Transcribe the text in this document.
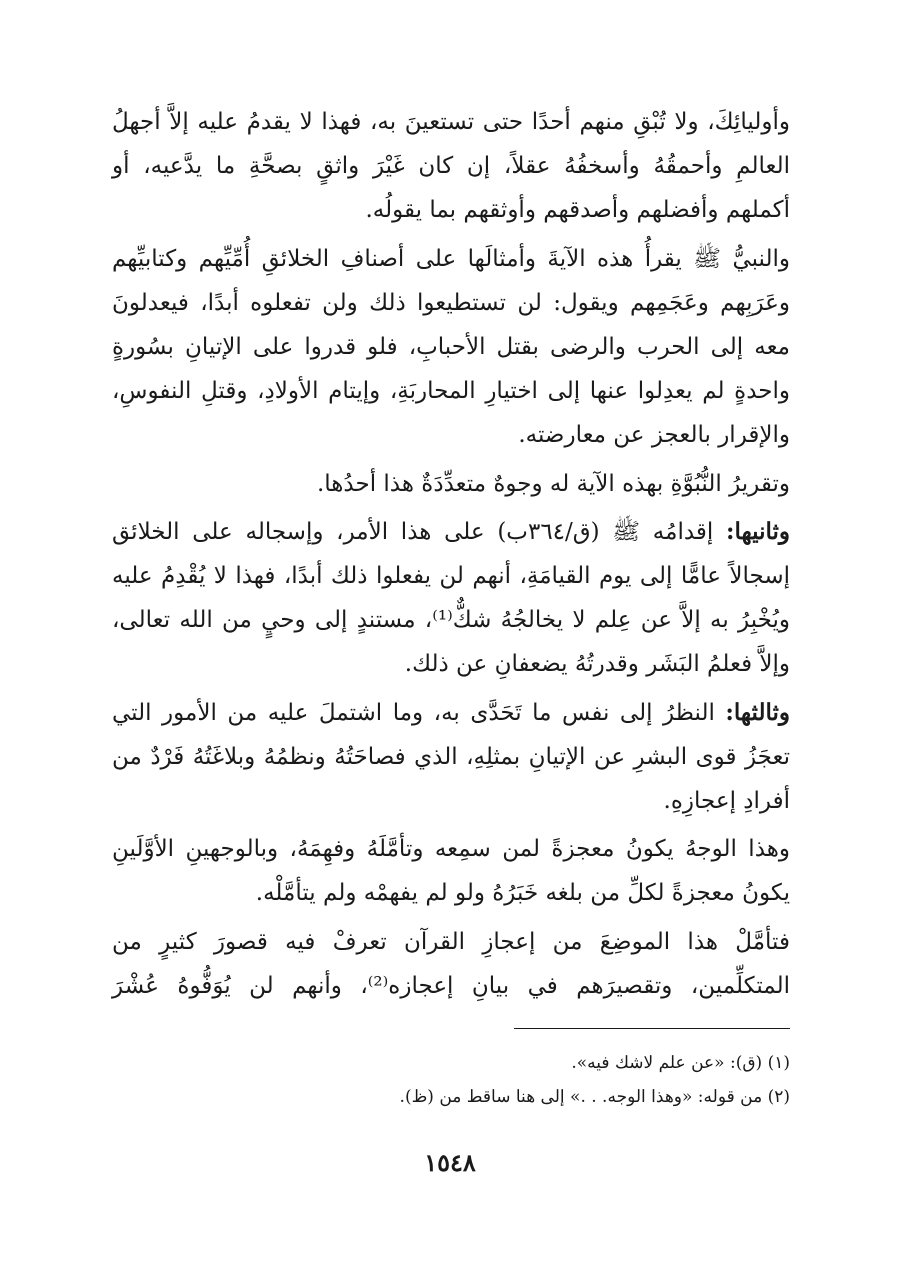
وأوليائِكَ، ولا تُبْقِ منهم أحدًا حتى تستعينَ به، فهذا لا يقدمُ عليه إلاَّ أجهلُ العالمِ وأحمقُهُ وأسخفُهُ عقلاً، إن كان غَيْرَ واثقٍ بصحَّةِ ما يدَّعيه، أو أكملهم وأفضلهم وأصدقهم وأوثقهم بما يقولُه.

والنبيُّ ﷺ يقرأُ هذه الآيةَ وأمثالَها على أصنافِ الخلائقِ أُمِّيِّهم وكتابيِّهم وعَرَبِهم وعَجَمِهم ويقول: لن تستطيعوا ذلك ولن تفعلوه أبدًا، فيعدلونَ معه إلى الحرب والرضى بقتل الأحبابِ، فلو قدروا على الإتيانِ بسُورةٍ واحدةٍ لم يعدِلوا عنها إلى اختيارِ المحاربَةِ، وإيتام الأولادِ، وقتلِ النفوسِ، والإقرار بالعجز عن معارضته.

وتقريرُ النُّبُوَّةِ بهذه الآية له وجوهٌ متعدِّدَةٌ هذا أحدُها.

وثانيها: إقدامُه ﷺ (ق/٣٦٤ب) على هذا الأمر، وإسجاله على الخلائق إسجالاً عامًّا إلى يوم القيامَةِ، أنهم لن يفعلوا ذلك أبدًا، فهذا لا يُقْدِمُ عليه ويُخْبِرُ به إلاَّ عن عِلم لا يخالجُهُ شكٌّ⁽¹⁾، مستندٍ إلى وحيٍ من الله تعالى، وإلاَّ فعلمُ البَشَر وقدرتُهُ يضعفانِ عن ذلك.

وثالثها: النظرُ إلى نفس ما تَحَدَّى به، وما اشتملَ عليه من الأمور التي تعجَزُ قوى البشرِ عن الإتيانِ بمثلِهِ، الذي فصاحَتُهُ ونظمُهُ وبلاغَتُهُ فَرْدٌ من أفرادِ إعجازِهِ.

وهذا الوجهُ يكونُ معجزةً لمن سمِعه وتأمَّلَهُ وفهِمَهُ، وبالوجهينِ الأوَّلَينِ يكونُ معجزةً لكلِّ من بلغه خَبَرُهُ ولو لم يفهمْه ولم يتأمَّلْه.

فتأمَّلْ هذا الموضِعَ من إعجازِ القرآن تعرفْ فيه قصورَ كثيرٍ من المتكلِّمين، وتقصيرَهم في بيانِ إعجازه⁽²⁾، وأنهم لن يُوَفُّوهُ عُشْرَ

(١) (ق): «عن علم لاشك فيه».

(٢) من قوله: «وهذا الوجه. . .» إلى هنا ساقط من (ظ).

١٥٤٨
